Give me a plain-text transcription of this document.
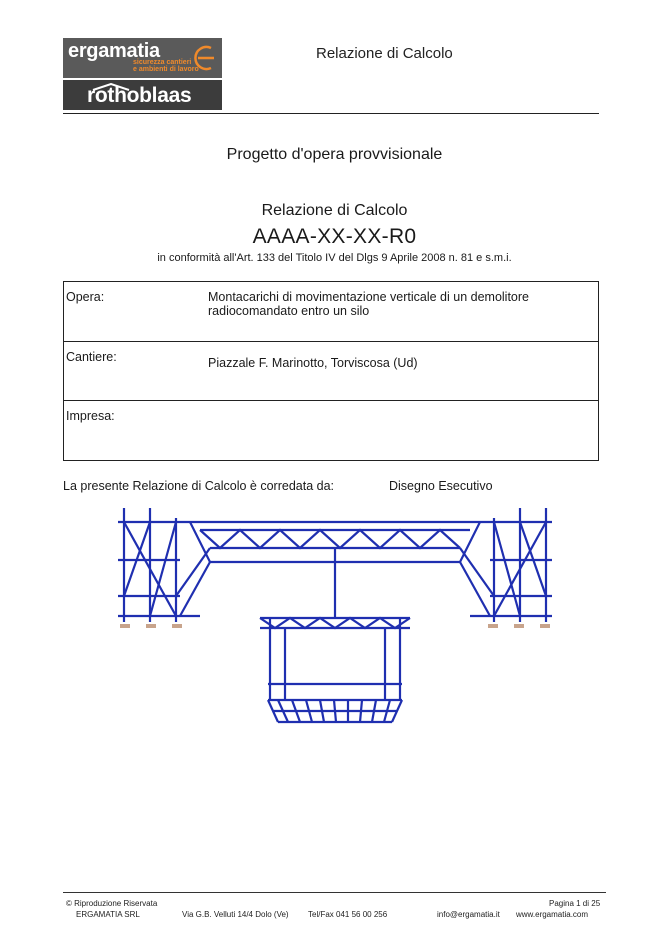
ergamatia
sicurezza cantieri
e ambienti di lavoro
rothoblaas
Relazione di Calcolo
Progetto d'opera provvisionale
Relazione di Calcolo
AAAA-XX-XX-R0
in conformità all'Art. 133 del Titolo IV del Dlgs 9 Aprile 2008 n. 81 e s.m.i.
Opera:	Montacarichi di movimentazione verticale di un demolitore radiocomandato entro un silo
Cantiere:	Piazzale F. Marinotto, Torviscosa (Ud)
Impresa:	
La presente Relazione di Calcolo è corredata da:	Disegno Esecutivo
© Riproduzione Riservata
ERGAMATIA SRL	Via G.B. Velluti 14/4 Dolo (Ve) Tel/Fax 041 56 00 256	info@ergamatia.it www.ergamatia.com
Pagina 1 di 25
